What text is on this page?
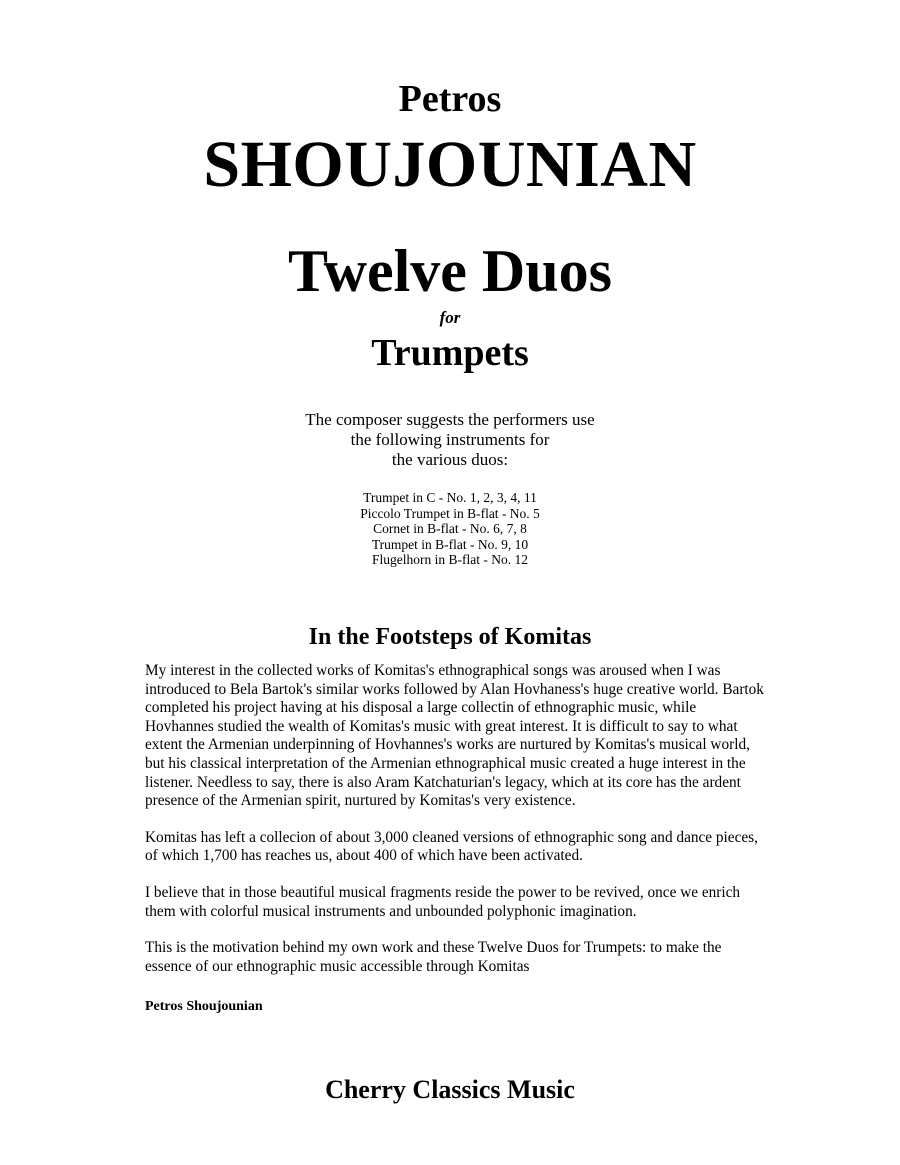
Petros
SHOUJOUNIAN
Twelve Duos
for
Trumpets
The composer suggests the performers use
the following instruments for
the various duos:
Trumpet in C - No. 1, 2, 3, 4, 11
Piccolo Trumpet in B-flat - No. 5
Cornet in B-flat - No. 6, 7, 8
Trumpet in B-flat - No. 9, 10
Flugelhorn in B-flat - No. 12
In the Footsteps of Komitas

My interest in the collected works of Komitas's ethnographical songs was aroused when I was
introduced to Bela Bartok's similar works followed by Alan Hovhaness's huge creative world. Bartok
completed his project having at his disposal a large collectin of ethnographic music, while
Hovhannes studied the wealth of Komitas's music with great interest. It is difficult to say to what
extent the Armenian underpinning of Hovhannes's works are nurtured by Komitas's musical world,
but his classical interpretation of the Armenian ethnographical music created a huge interest in the
listener. Needless to say, there is also Aram Katchaturian's legacy, which at its core has the ardent
presence of the Armenian spirit, nurtured by Komitas's very existence.

Komitas has left a collecion of about 3,000 cleaned versions of ethnographic song and dance pieces,
of which 1,700 has reaches us, about 400 of which have been activated.

I believe that in those beautiful musical fragments reside the power to be revived, once we enrich
them with colorful musical instruments and unbounded polyphonic imagination.

This is the motivation behind my own work and these Twelve Duos for Trumpets: to make the
essence of our ethnographic music accessible through Komitas

Petros Shoujounian
Cherry Classics Music
